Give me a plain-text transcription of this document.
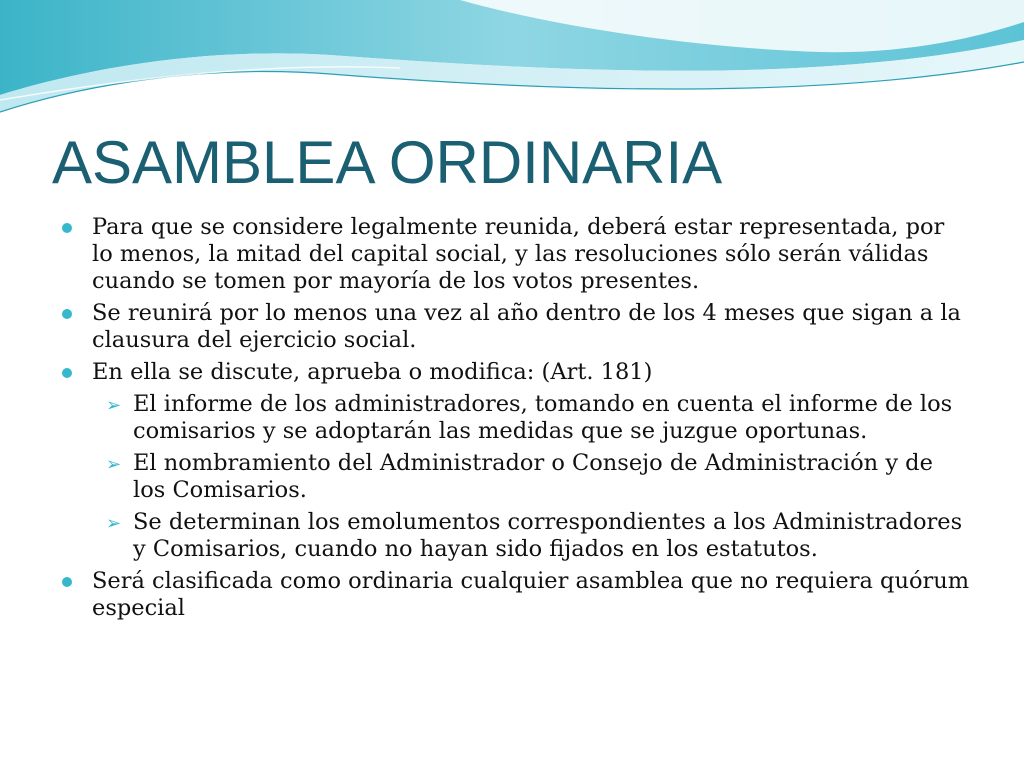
ASAMBLEA ORDINARIA
Para que se considere legalmente reunida, deberá estar representada, por lo menos, la mitad del capital social, y las resoluciones sólo serán válidas cuando se tomen por mayoría de los votos presentes.
Se reunirá por lo menos una vez al año dentro de los 4 meses que sigan a la clausura del ejercicio social.
En ella se discute, aprueba o modifica: (Art. 181)
➢ El informe de los administradores, tomando en cuenta el informe de los comisarios y se adoptarán las medidas que se juzgue oportunas.
➢ El nombramiento del Administrador o Consejo de Administración y de los Comisarios.
➢ Se determinan los emolumentos correspondientes a los Administradores y Comisarios, cuando no hayan sido fijados en los estatutos.
Será clasificada como ordinaria cualquier asamblea que no requiera quórum especial
